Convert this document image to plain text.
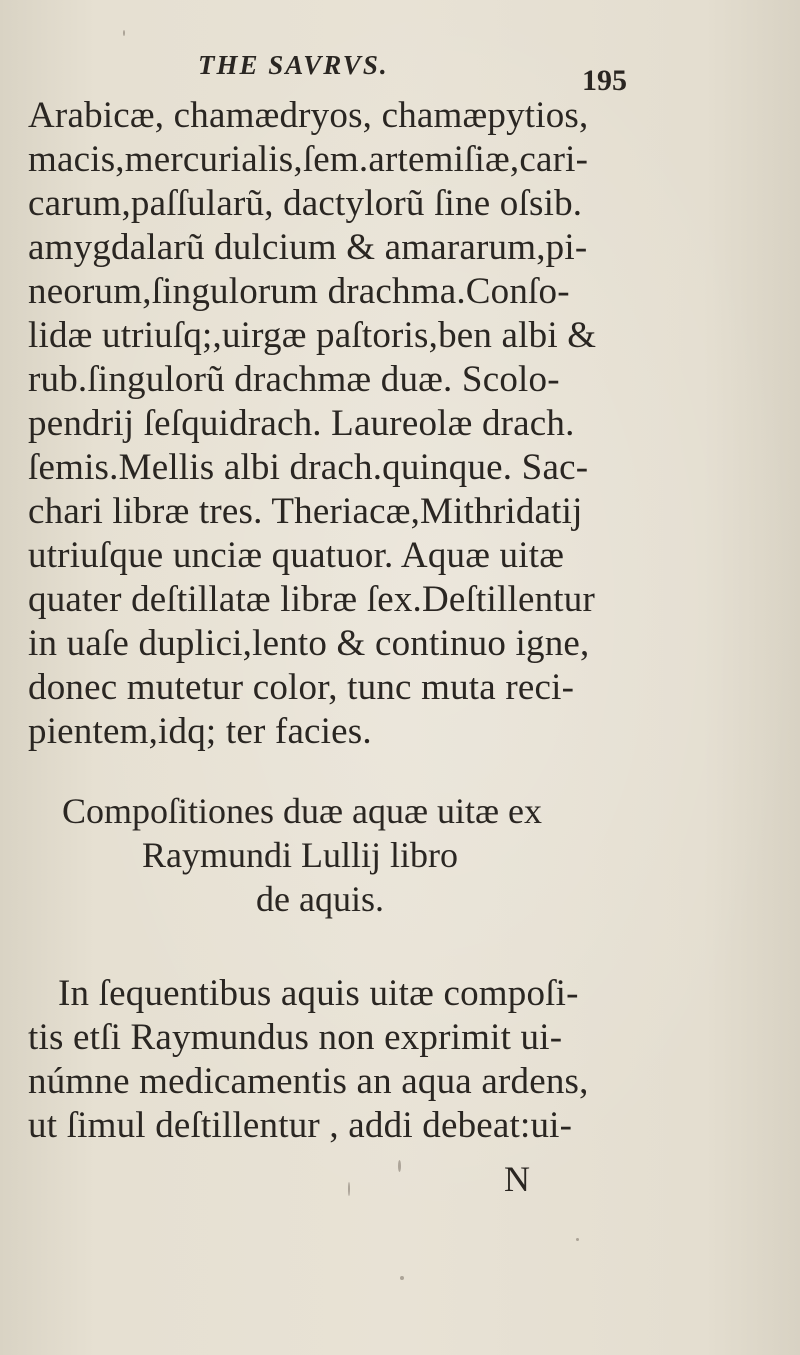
THE SAVRVS.	195
Arabicæ, chamædryos, chamæpytios,
macis,mercurialis,ſem.artemiſiæ,cari-
carum,paſſularũ, dactylorũ ſine oſsib.
amygdalarũ dulcium & amararum,pi-
neorum,ſingulorum drachma.Conſo-
lidæ utriuſq;,uirgæ paſtoris,ben albi &
rub.ſingulorũ drachmæ duæ. Scolo-
pendrij ſeſquidrach. Laureolæ drach.
ſemis.Mellis albi drach.quinque. Sac-
chari libræ tres. Theriacæ,Mithridatij
utriuſque unciæ quatuor. Aquæ uitæ
quater deſtillatæ libræ ſex.Deſtillentur
in uaſe duplici,lento & continuo igne,
donec mutetur color, tunc muta reci-
pientem,idq; ter facies.
Compoſitiones duæ aquæ uitæ ex
Raymundi Lullij libro
de aquis.
In ſequentibus aquis uitæ compoſi-
tis etſi Raymundus non exprimit ui-
númne medicamentis an aqua ardens,
ut ſimul deſtillentur , addi debeat:ui-
N
